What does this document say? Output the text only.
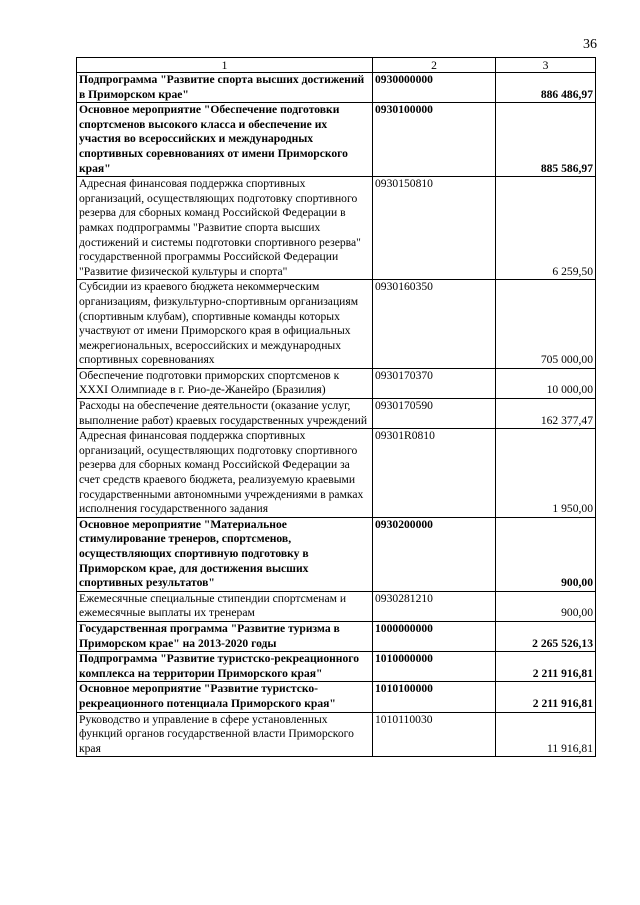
36
1	2	3
Подпрограмма "Развитие спорта высших достижений в Приморском крае"	0930000000	886 486,97
Основное мероприятие "Обеспечение подготовки спортсменов высокого класса и обеспечение их участия во всероссийских и международных спортивных соревнованиях от имени Приморского края"	0930100000	885 586,97
Адресная финансовая поддержка спортивных организаций, осуществляющих подготовку спортивного резерва для сборных команд Российской Федерации в рамках подпрограммы "Развитие спорта высших достижений и системы подготовки спортивного резерва" государственной программы Российской Федерации "Развитие физической культуры и спорта"	0930150810	6 259,50
Субсидии из краевого бюджета некоммерческим организациям, физкультурно-спортивным организациям (спортивным клубам), спортивные команды которых участвуют от имени Приморского края в официальных межрегиональных, всероссийских и международных спортивных соревнованиях	0930160350	705 000,00
Обеспечение подготовки приморских спортсменов к XXXI Олимпиаде в г. Рио-де-Жанейро (Бразилия)	0930170370	10 000,00
Расходы на обеспечение деятельности (оказание услуг, выполнение работ) краевых государственных учреждений	0930170590	162 377,47
Адресная финансовая поддержка спортивных организаций, осуществляющих подготовку спортивного резерва для сборных команд Российской Федерации за счет средств краевого бюджета, реализуемую краевыми государственными автономными учреждениями в рамках исполнения государственного задания	09301R0810	1 950,00
Основное мероприятие "Материальное стимулирование тренеров, спортсменов, осуществляющих спортивную подготовку в Приморском крае, для достижения высших спортивных результатов"	0930200000	900,00
Ежемесячные специальные стипендии спортсменам и ежемесячные выплаты их тренерам	0930281210	900,00
Государственная программа "Развитие туризма в Приморском крае" на 2013-2020 годы	1000000000	2 265 526,13
Подпрограмма "Развитие туристско-рекреационного комплекса на территории Приморского края"	1010000000	2 211 916,81
Основное мероприятие "Развитие туристско-рекреационного потенциала Приморского края"	1010100000	2 211 916,81
Руководство и управление в сфере установленных функций органов государственной власти Приморского края	1010110030	11 916,81
